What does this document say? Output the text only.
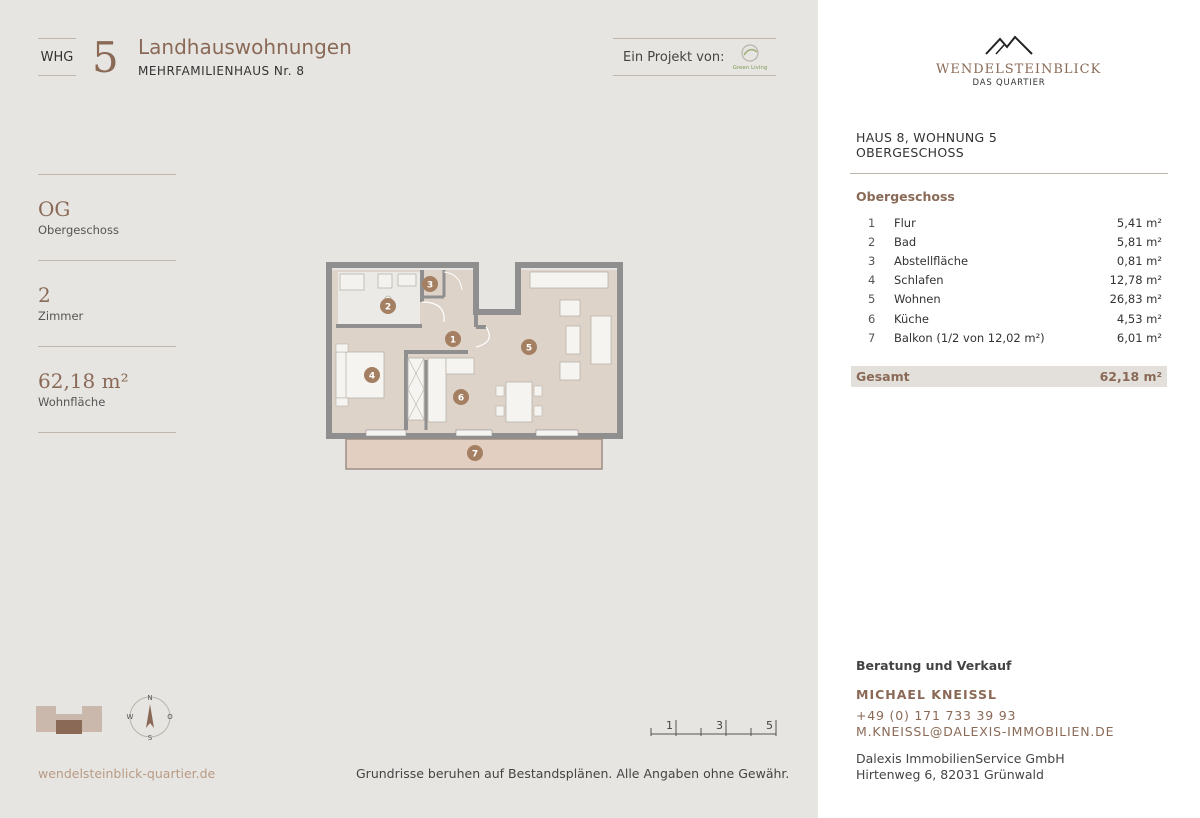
WHG 5 Landhauswohnungen
MEHRFAMILIENHAUS Nr. 8
Ein Projekt von:
Green Living
OG
Obergeschoss
2
Zimmer
62,18 m²
Wohnfläche
2
3
1
5
4
6
7
N
S
W	O
1	3	5
wendelsteinblick-quartier.de	Grundrisse beruhen auf Bestandsplänen. Alle Angaben ohne Gewähr.
WENDELSTEINBLICK
DAS QUARTIER
HAUS 8, WOHNUNG 5
OBERGESCHOSS
Obergeschoss
1	Flur	5,41 m²
2	Bad	5,81 m²
3	Abstellfläche	0,81 m²
4	Schlafen	12,78 m²
5	Wohnen	26,83 m²
6	Küche	4,53 m²
7	Balkon (1/2 von 12,02 m²)	6,01 m²
Gesamt	62,18 m²
Beratung und Verkauf
MICHAEL KNEISSL
+49 (0) 171 733 39 93
M.KNEISSL@DALEXIS-IMMOBILIEN.DE
Dalexis ImmobilienService GmbH
Hirtenweg 6, 82031 Grünwald
